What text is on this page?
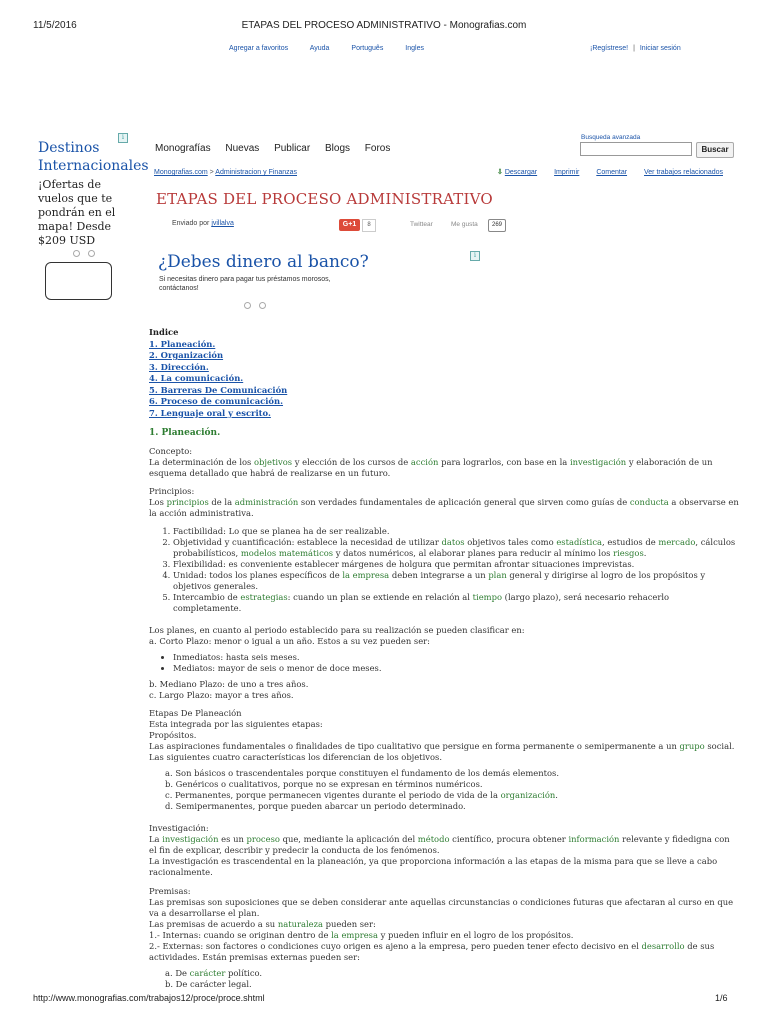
11/5/2016	ETAPAS DEL PROCESO ADMINISTRATIVO - Monografias.com
Agregar a favoritos	Ayuda	Português	Ingles	¡Regístrese! | Iniciar sesión
i
Destinos Internacionales
¡Ofertas de vuelos que te pondrán en el mapa! Desde $209 USD
Monografías Nuevas Publicar Blogs Foros
Busqueda avanzada
Buscar
Monografias.com > Administracion y Finanzas	⇩ Descargar Imprimir Comentar Ver trabajos relacionados
ETAPAS DEL PROCESO ADMINISTRATIVO
Enviado por jvillalva	G+1	8	Twittear	Me gusta	269
i
¿Debes dinero al banco?
Si necesitas dinero para pagar tus préstamos morosos, contáctanos!
Indice
1. Planeación.
2. Organización
3. Dirección.
4. La comunicación.
5. Barreras De Comunicación
6. Proceso de comunicación.
7. Lenguaje oral y escrito.
1. Planeación.
Concepto:
La determinación de los objetivos y elección de los cursos de acción para lograrlos, con base en la investigación y elaboración de un esquema detallado que habrá de realizarse en un futuro.
Principios:
Los principios de la administración son verdades fundamentales de aplicación general que sirven como guías de conducta a observarse en la acción administrativa.
1. Factibilidad: Lo que se planea ha de ser realizable.
2. Objetividad y cuantificación: establece la necesidad de utilizar datos objetivos tales como estadística, estudios de mercado, cálculos probabilísticos, modelos matemáticos y datos numéricos, al elaborar planes para reducir al mínimo los riesgos.
3. Flexibilidad: es conveniente establecer márgenes de holgura que permitan afrontar situaciones imprevistas.
4. Unidad: todos los planes específicos de la empresa deben integrarse a un plan general y dirigirse al logro de los propósitos y objetivos generales.
5. Intercambio de estrategias: cuando un plan se extiende en relación al tiempo (largo plazo), será necesario rehacerlo completamente.
Los planes, en cuanto al periodo establecido para su realización se pueden clasificar en:
a. Corto Plazo: menor o igual a un año. Estos a su vez pueden ser:
• Inmediatos: hasta seis meses.
• Mediatos: mayor de seis o menor de doce meses.
b. Mediano Plazo: de uno a tres años.
c. Largo Plazo: mayor a tres años.
Etapas De Planeación
Esta integrada por las siguientes etapas:
Propósitos.
Las aspiraciones fundamentales o finalidades de tipo cualitativo que persigue en forma permanente o semipermanente a un grupo social.
Las siguientes cuatro características los diferencian de los objetivos.
a. Son básicos o trascendentales porque constituyen el fundamento de los demás elementos.
b. Genéricos o cualitativos, porque no se expresan en términos numéricos.
c. Permanentes, porque permanecen vigentes durante el periodo de vida de la organización.
d. Semipermanentes, porque pueden abarcar un periodo determinado.
Investigación:
La investigación es un proceso que, mediante la aplicación del método científico, procura obtener información relevante y fidedigna con el fin de explicar, describir y predecir la conducta de los fenómenos.
La investigación es trascendental en la planeación, ya que proporciona información a las etapas de la misma para que se lleve a cabo racionalmente.
Premisas:
Las premisas son suposiciones que se deben considerar ante aquellas circunstancias o condiciones futuras que afectaran al curso en que va a desarrollarse el plan.
Las premisas de acuerdo a su naturaleza pueden ser:
1.- Internas: cuando se originan dentro de la empresa y pueden influir en el logro de los propósitos.
2.- Externas: son factores o condiciones cuyo origen es ajeno a la empresa, pero pueden tener efecto decisivo en el desarrollo de sus actividades. Están premisas externas pueden ser:
a. De carácter político.
b. De carácter legal.
http://www.monografias.com/trabajos12/proce/proce.shtml	1/6
